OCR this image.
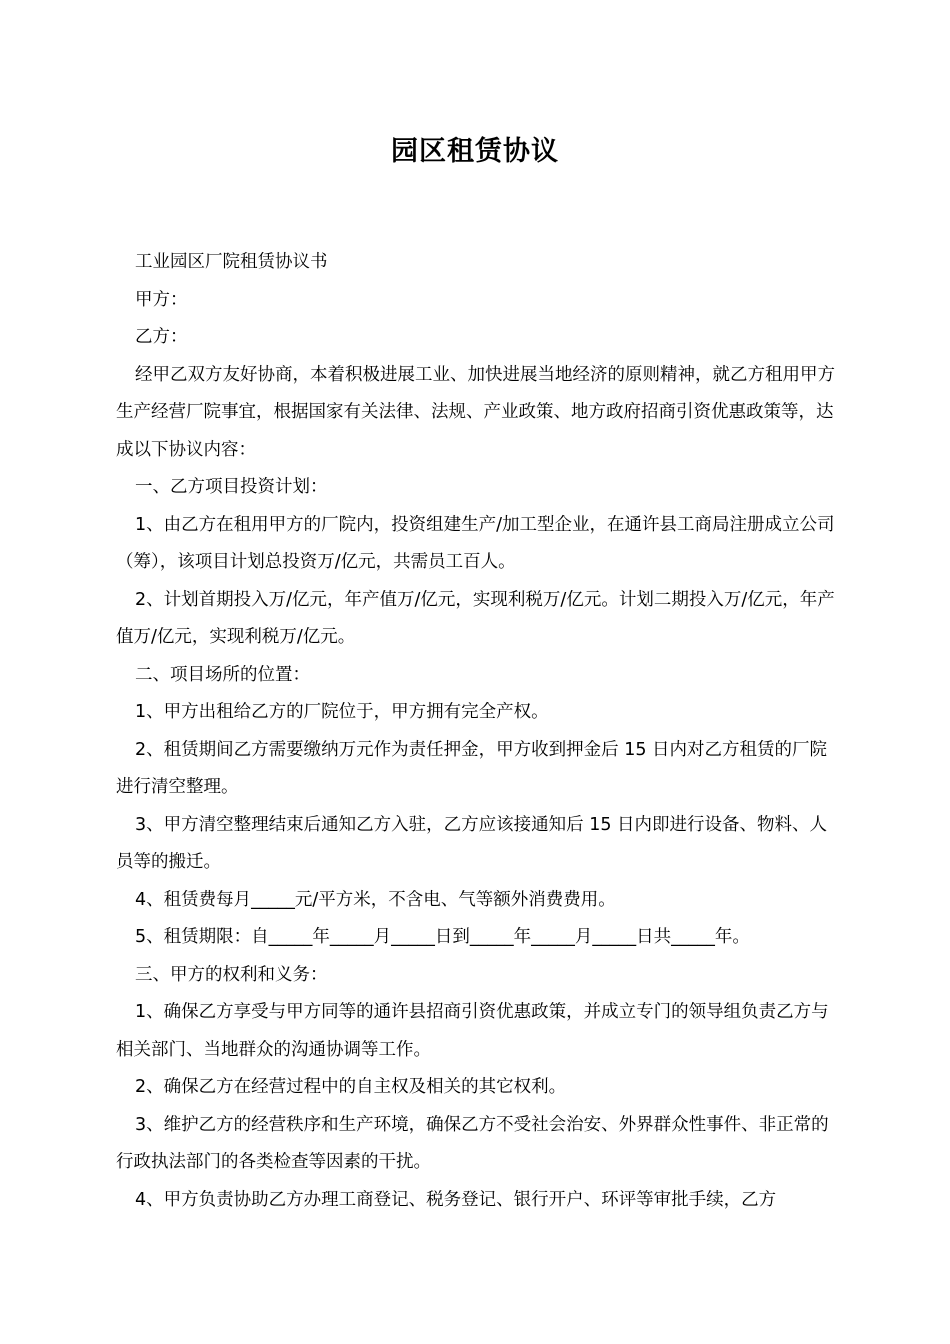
园区租赁协议

工业园区厂院租赁协议书

甲方：

乙方：

经甲乙双方友好协商，本着积极进展工业、加快进展当地经济的原则精神，就乙方租用甲方生产经营厂院事宜，根据国家有关法律、法规、产业政策、地方政府招商引资优惠政策等，达成以下协议内容：

一、乙方项目投资计划：

1、由乙方在租用甲方的厂院内，投资组建生产/加工型企业，在通许县工商局注册成立公司（筹），该项目计划总投资万/亿元，共需员工百人。

2、计划首期投入万/亿元，年产值万/亿元，实现利税万/亿元。计划二期投入万/亿元，年产值万/亿元，实现利税万/亿元。

二、项目场所的位置：

1、甲方出租给乙方的厂院位于，甲方拥有完全产权。

2、租赁期间乙方需要缴纳万元作为责任押金，甲方收到押金后 15 日内对乙方租赁的厂院进行清空整理。

3、甲方清空整理结束后通知乙方入驻，乙方应该接通知后 15 日内即进行设备、物料、人员等的搬迁。

4、租赁费每月_____元/平方米，不含电、气等额外消费费用。

5、租赁期限：自_____年_____月_____日到_____年_____月_____日共_____年。

三、甲方的权利和义务：

1、确保乙方享受与甲方同等的通许县招商引资优惠政策，并成立专门的领导组负责乙方与相关部门、当地群众的沟通协调等工作。

2、确保乙方在经营过程中的自主权及相关的其它权利。

3、维护乙方的经营秩序和生产环境，确保乙方不受社会治安、外界群众性事件、非正常的行政执法部门的各类检查等因素的干扰。

4、甲方负责协助乙方办理工商登记、税务登记、银行开户、环评等审批手续，乙方
